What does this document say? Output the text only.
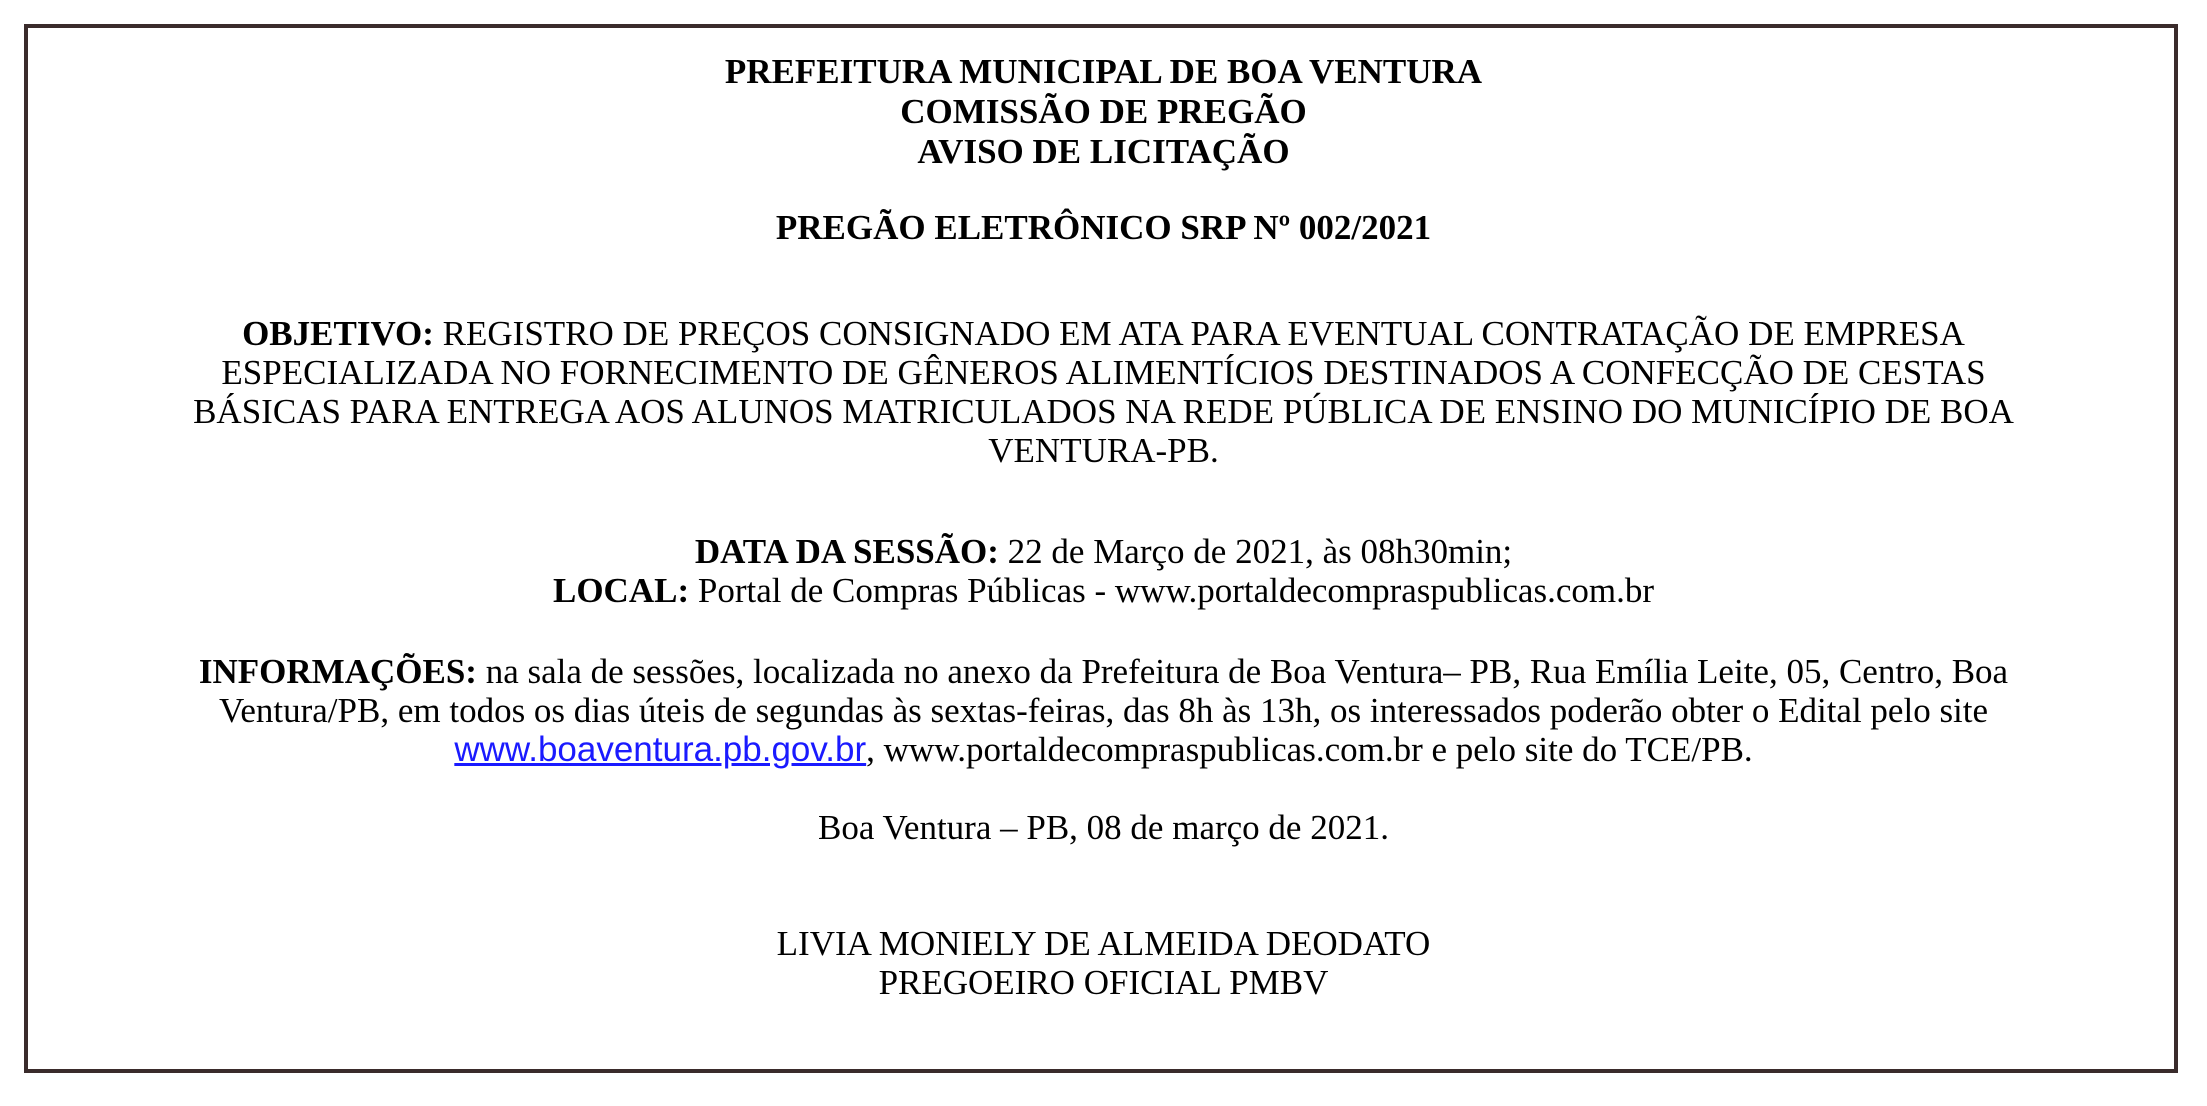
PREFEITURA MUNICIPAL DE BOA VENTURA
COMISSÃO DE PREGÃO
AVISO DE LICITAÇÃO
PREGÃO ELETRÔNICO SRP Nº 002/2021
OBJETIVO: REGISTRO DE PREÇOS CONSIGNADO EM ATA PARA EVENTUAL CONTRATAÇÃO DE EMPRESA
ESPECIALIZADA NO FORNECIMENTO DE GÊNEROS ALIMENTÍCIOS DESTINADOS A CONFECÇÃO DE CESTAS
BÁSICAS PARA ENTREGA AOS ALUNOS MATRICULADOS NA REDE PÚBLICA DE ENSINO DO MUNICÍPIO DE BOA
VENTURA-PB.
DATA DA SESSÃO: 22 de Março de 2021, às 08h30min;
LOCAL: Portal de Compras Públicas - www.portaldecompraspublicas.com.br
INFORMAÇÕES: na sala de sessões, localizada no anexo da Prefeitura de Boa Ventura– PB, Rua Emília Leite, 05, Centro, Boa
Ventura/PB, em todos os dias úteis de segundas às sextas-feiras, das 8h às 13h, os interessados poderão obter o Edital pelo site
www.boaventura.pb.gov.br, www.portaldecompraspublicas.com.br e pelo site do TCE/PB.
Boa Ventura – PB, 08 de março de 2021.
LIVIA MONIELY DE ALMEIDA DEODATO
PREGOEIRO OFICIAL PMBV
